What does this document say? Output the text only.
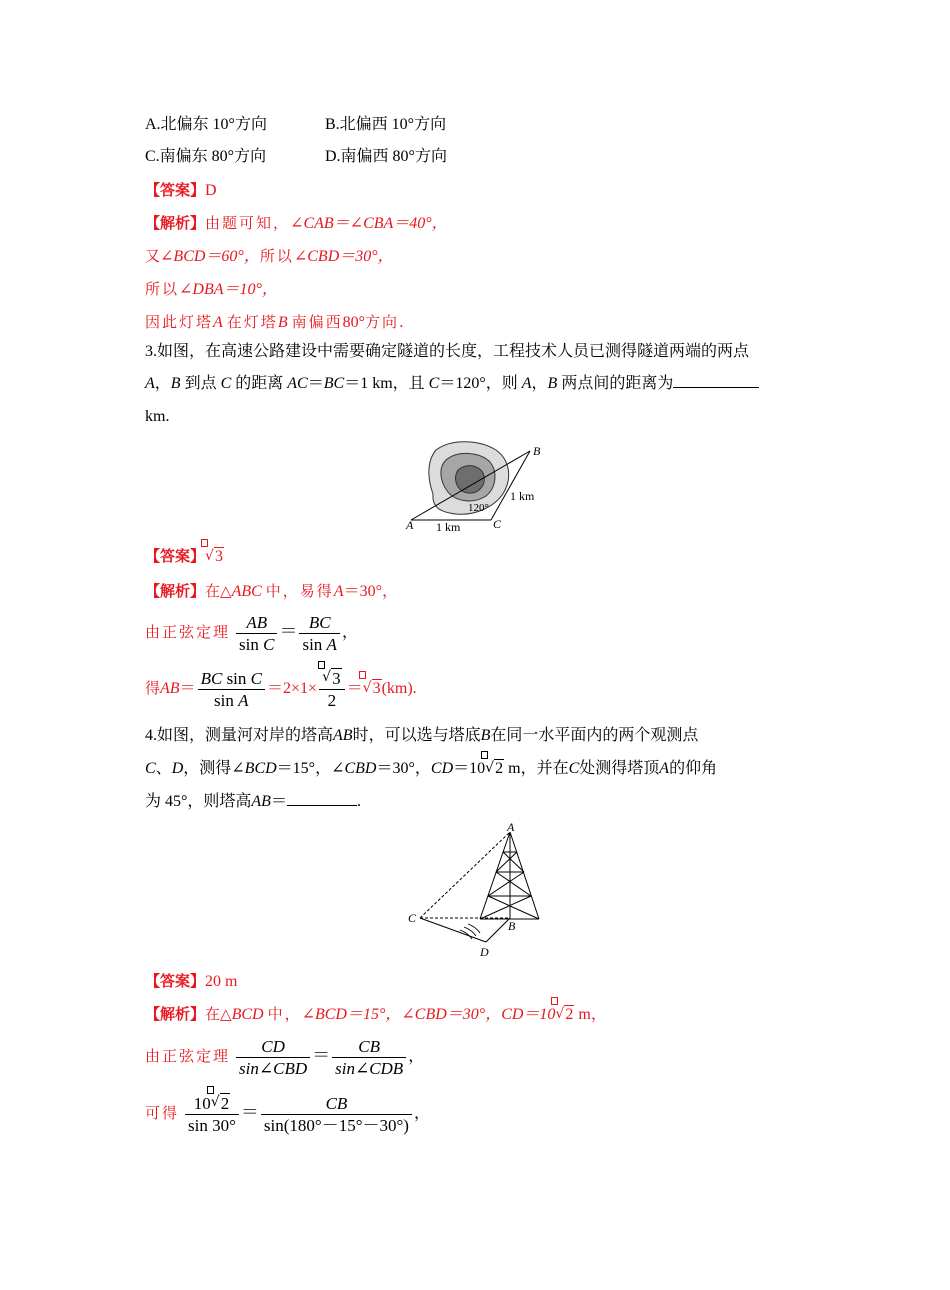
A.北偏东 10°方向	B.北偏西 10°方向
C.南偏东 80°方向	D.南偏西 80°方向
【答案】D
【解析】由题可知，∠CAB＝∠CBA＝40°，
又∠BCD＝60°，所以∠CBD＝30°，
所以∠DBA＝10°，
因此灯塔A 在灯塔B 南偏西80°方向.
3.如图，在高速公路建设中需要确定隧道的长度，工程技术人员已测得隧道两端的两点
A，B 到点 C 的距离 AC＝BC＝1 km，且 C＝120°，则 A，B 两点间的距离为
km.
A
B
C
1 km
1 km
120°
【答案】
√ 3
【解析】在△ABC 中，易得A＝30°，
由正弦定理 $\frac{AB}{\text{sin C}} = \frac{BC}{\text{sin A}}$ ，
得$AB= \frac{\text{BC sin C}}{\text{sin A}} =2\times 1\times$
√ $\frac{3}{2}$ ＝
√ 3(km).
4.如图，测量河对岸的塔高AB时，可以选与塔底B在同一水平面内的两个观测点
C、D，测得∠BCD＝15°，∠CBD＝30°，CD＝10
√ 2 m，并在C处测得塔顶A的仰角
为 45°，则塔高AB＝	.
A
B
C
D
【答案】20 m
【解析】在△BCD 中，∠BCD＝15°，∠CBD＝30°，CD＝10
√ 2 m，
由正弦定理 $\frac{CD}{\text{sin∠CBD}} = \frac{CB}{\text{sin∠CDB}}$ ，
可得 10
√ 2
$\sin 30^\circ = \frac{CB}{\sin(180^\circ-15^\circ-30^\circ)}$ ，
